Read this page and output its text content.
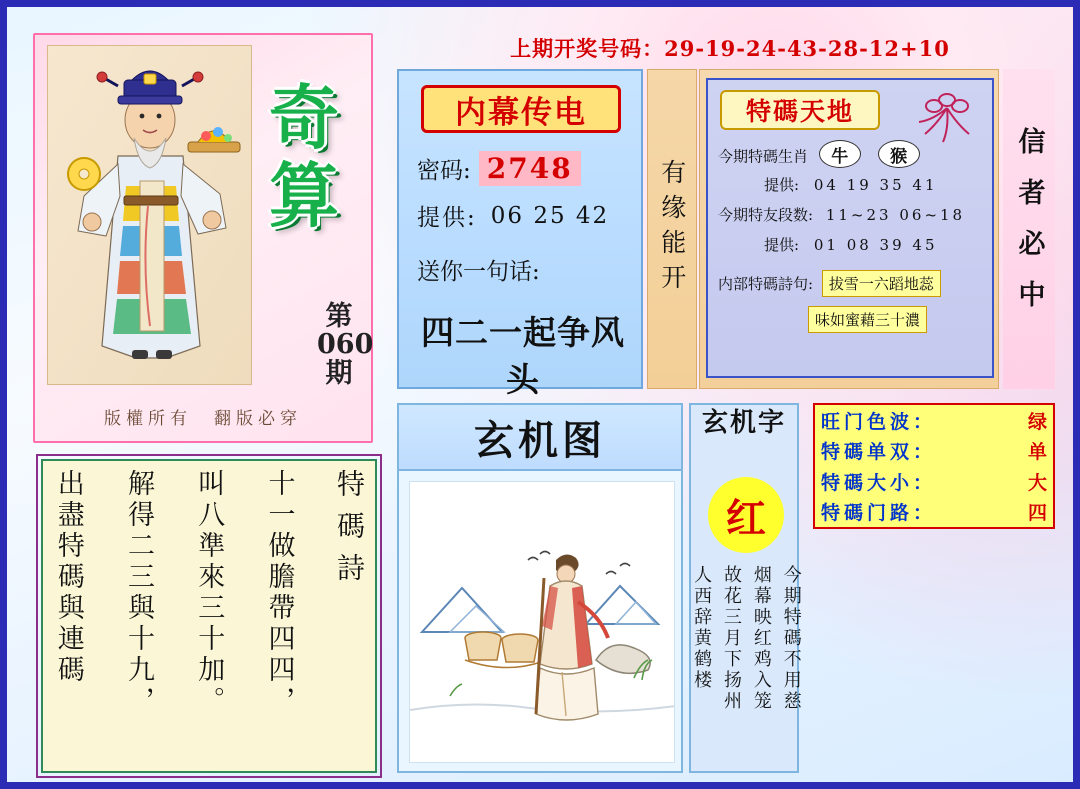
上期开奖号码：29-19-24-43-28-12+10
奇算
第060期
版權所有　翻版必穿
内幕传电
密码: 2748
提供: 06 25 42
送你一句话:
四二一起争风头
有缘能开
特碼天地
今期特碼生肖 牛 猴
提供: 04 19 35 41
今期特友段数: 11~23 06~18
提供: 01 08 39 45
内部特碼詩句: 拔雪一六蹈地蕊
味如蜜藉三十濃	信者必中
特碼詩
十一做膽帶四四，
叫八準來三十加。
解得二三與十九，
出盡特碼與連碼
玄机图	玄机字
红
今期特碼不用慈
烟幕映红鸡入笼
故花三月下扬州
人西辞黄鹤楼
旺门色波：	绿
特碼单双：	单
特碼大小：	大
特碼门路：	四
